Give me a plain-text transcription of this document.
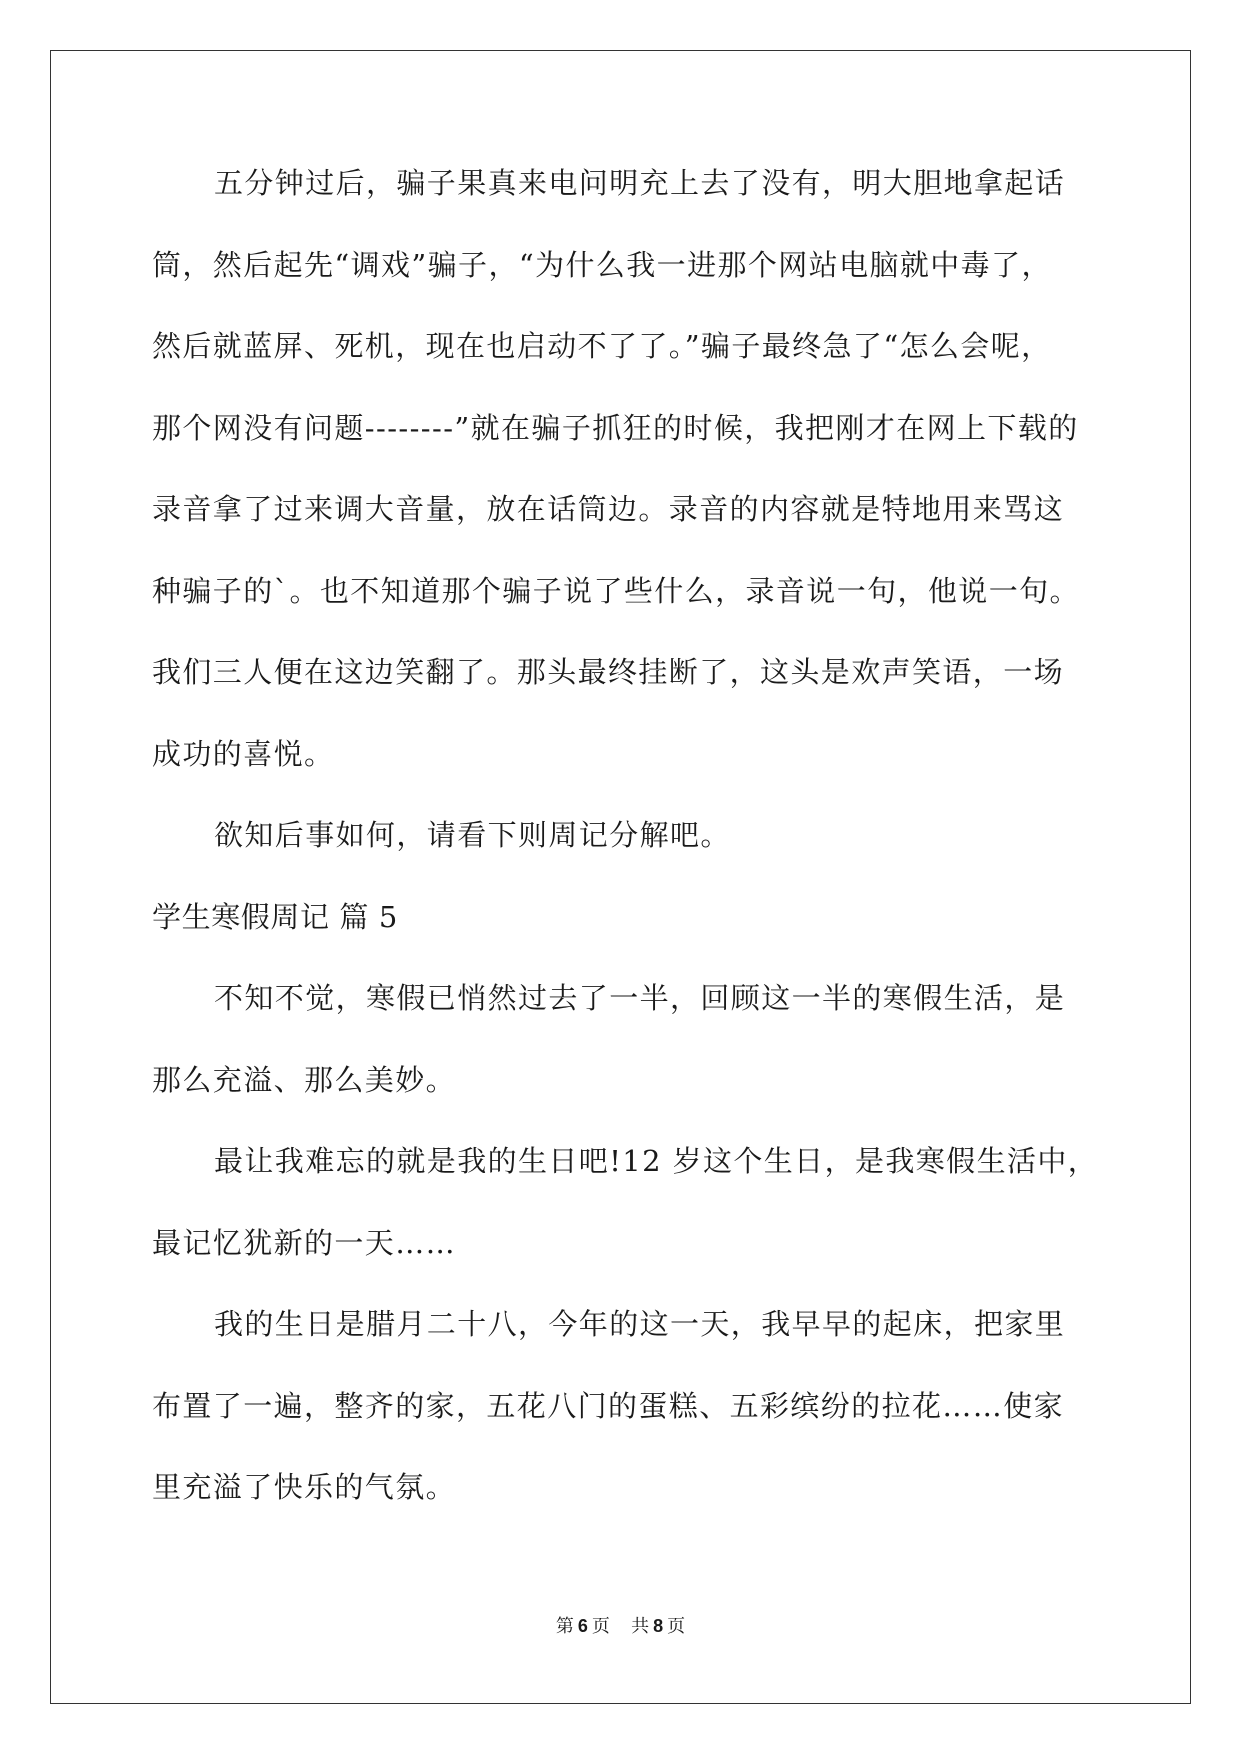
五分钟过后，骗子果真来电问明充上去了没有，明大胆地拿起话
筒，然后起先“调戏”骗子，“为什么我一进那个网站电脑就中毒了，
然后就蓝屏、死机，现在也启动不了了。”骗子最终急了“怎么会呢，
那个网没有问题--------”就在骗子抓狂的时候，我把刚才在网上下载的
录音拿了过来调大音量，放在话筒边。录音的内容就是特地用来骂这
种骗子的`。也不知道那个骗子说了些什么，录音说一句，他说一句。
我们三人便在这边笑翻了。那头最终挂断了，这头是欢声笑语，一场
成功的喜悦。
欲知后事如何，请看下则周记分解吧。
学生寒假周记 篇 5
不知不觉，寒假已悄然过去了一半，回顾这一半的寒假生活，是
那么充溢、那么美妙。
最让我难忘的就是我的生日吧!12 岁这个生日，是我寒假生活中，
最记忆犹新的一天……
我的生日是腊月二十八，今年的这一天，我早早的起床，把家里
布置了一遍，整齐的家，五花八门的蛋糕、五彩缤纷的拉花……使家
里充溢了快乐的气氛。
第 6 页 共 8 页
